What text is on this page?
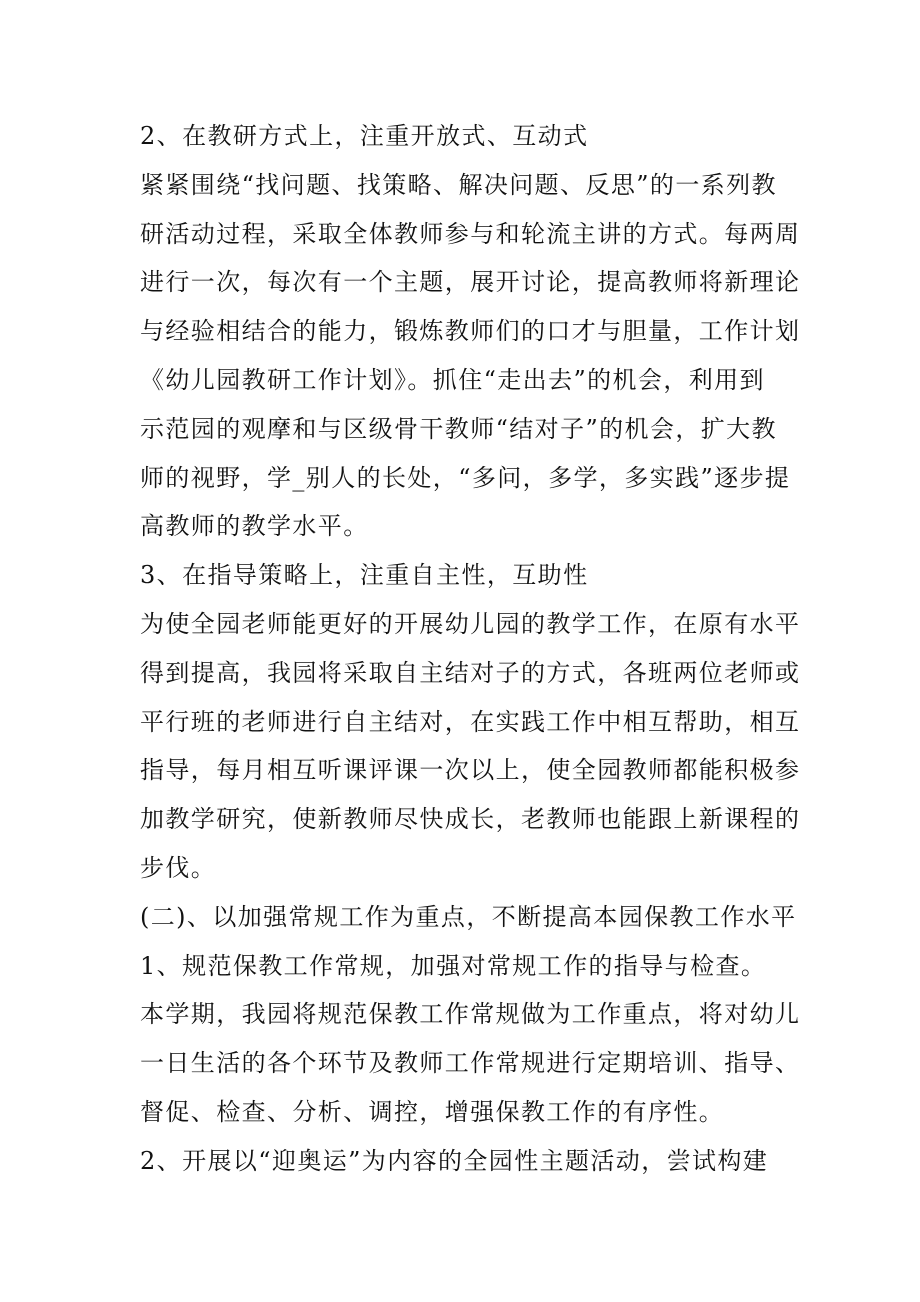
2、在教研方式上，注重开放式、互动式
紧紧围绕“找问题、找策略、解决问题、反思”的一系列教
研活动过程，采取全体教师参与和轮流主讲的方式。每两周
进行一次，每次有一个主题，展开讨论，提高教师将新理论
与经验相结合的能力，锻炼教师们的口才与胆量，工作计划
《幼儿园教研工作计划》。抓住“走出去”的机会，利用到
示范园的观摩和与区级骨干教师“结对子”的机会，扩大教
师的视野，学_别人的长处，“多问，多学，多实践”逐步提
高教师的教学水平。
3、在指导策略上，注重自主性，互助性
为使全园老师能更好的开展幼儿园的教学工作，在原有水平
得到提高，我园将采取自主结对子的方式，各班两位老师或
平行班的老师进行自主结对，在实践工作中相互帮助，相互
指导，每月相互听课评课一次以上，使全园教师都能积极参
加教学研究，使新教师尽快成长，老教师也能跟上新课程的
步伐。
(二)、以加强常规工作为重点，不断提高本园保教工作水平
1、规范保教工作常规，加强对常规工作的指导与检查。
本学期，我园将规范保教工作常规做为工作重点，将对幼儿
一日生活的各个环节及教师工作常规进行定期培训、指导、
督促、检查、分析、调控，增强保教工作的有序性。
2、开展以“迎奥运”为内容的全园性主题活动，尝试构建
